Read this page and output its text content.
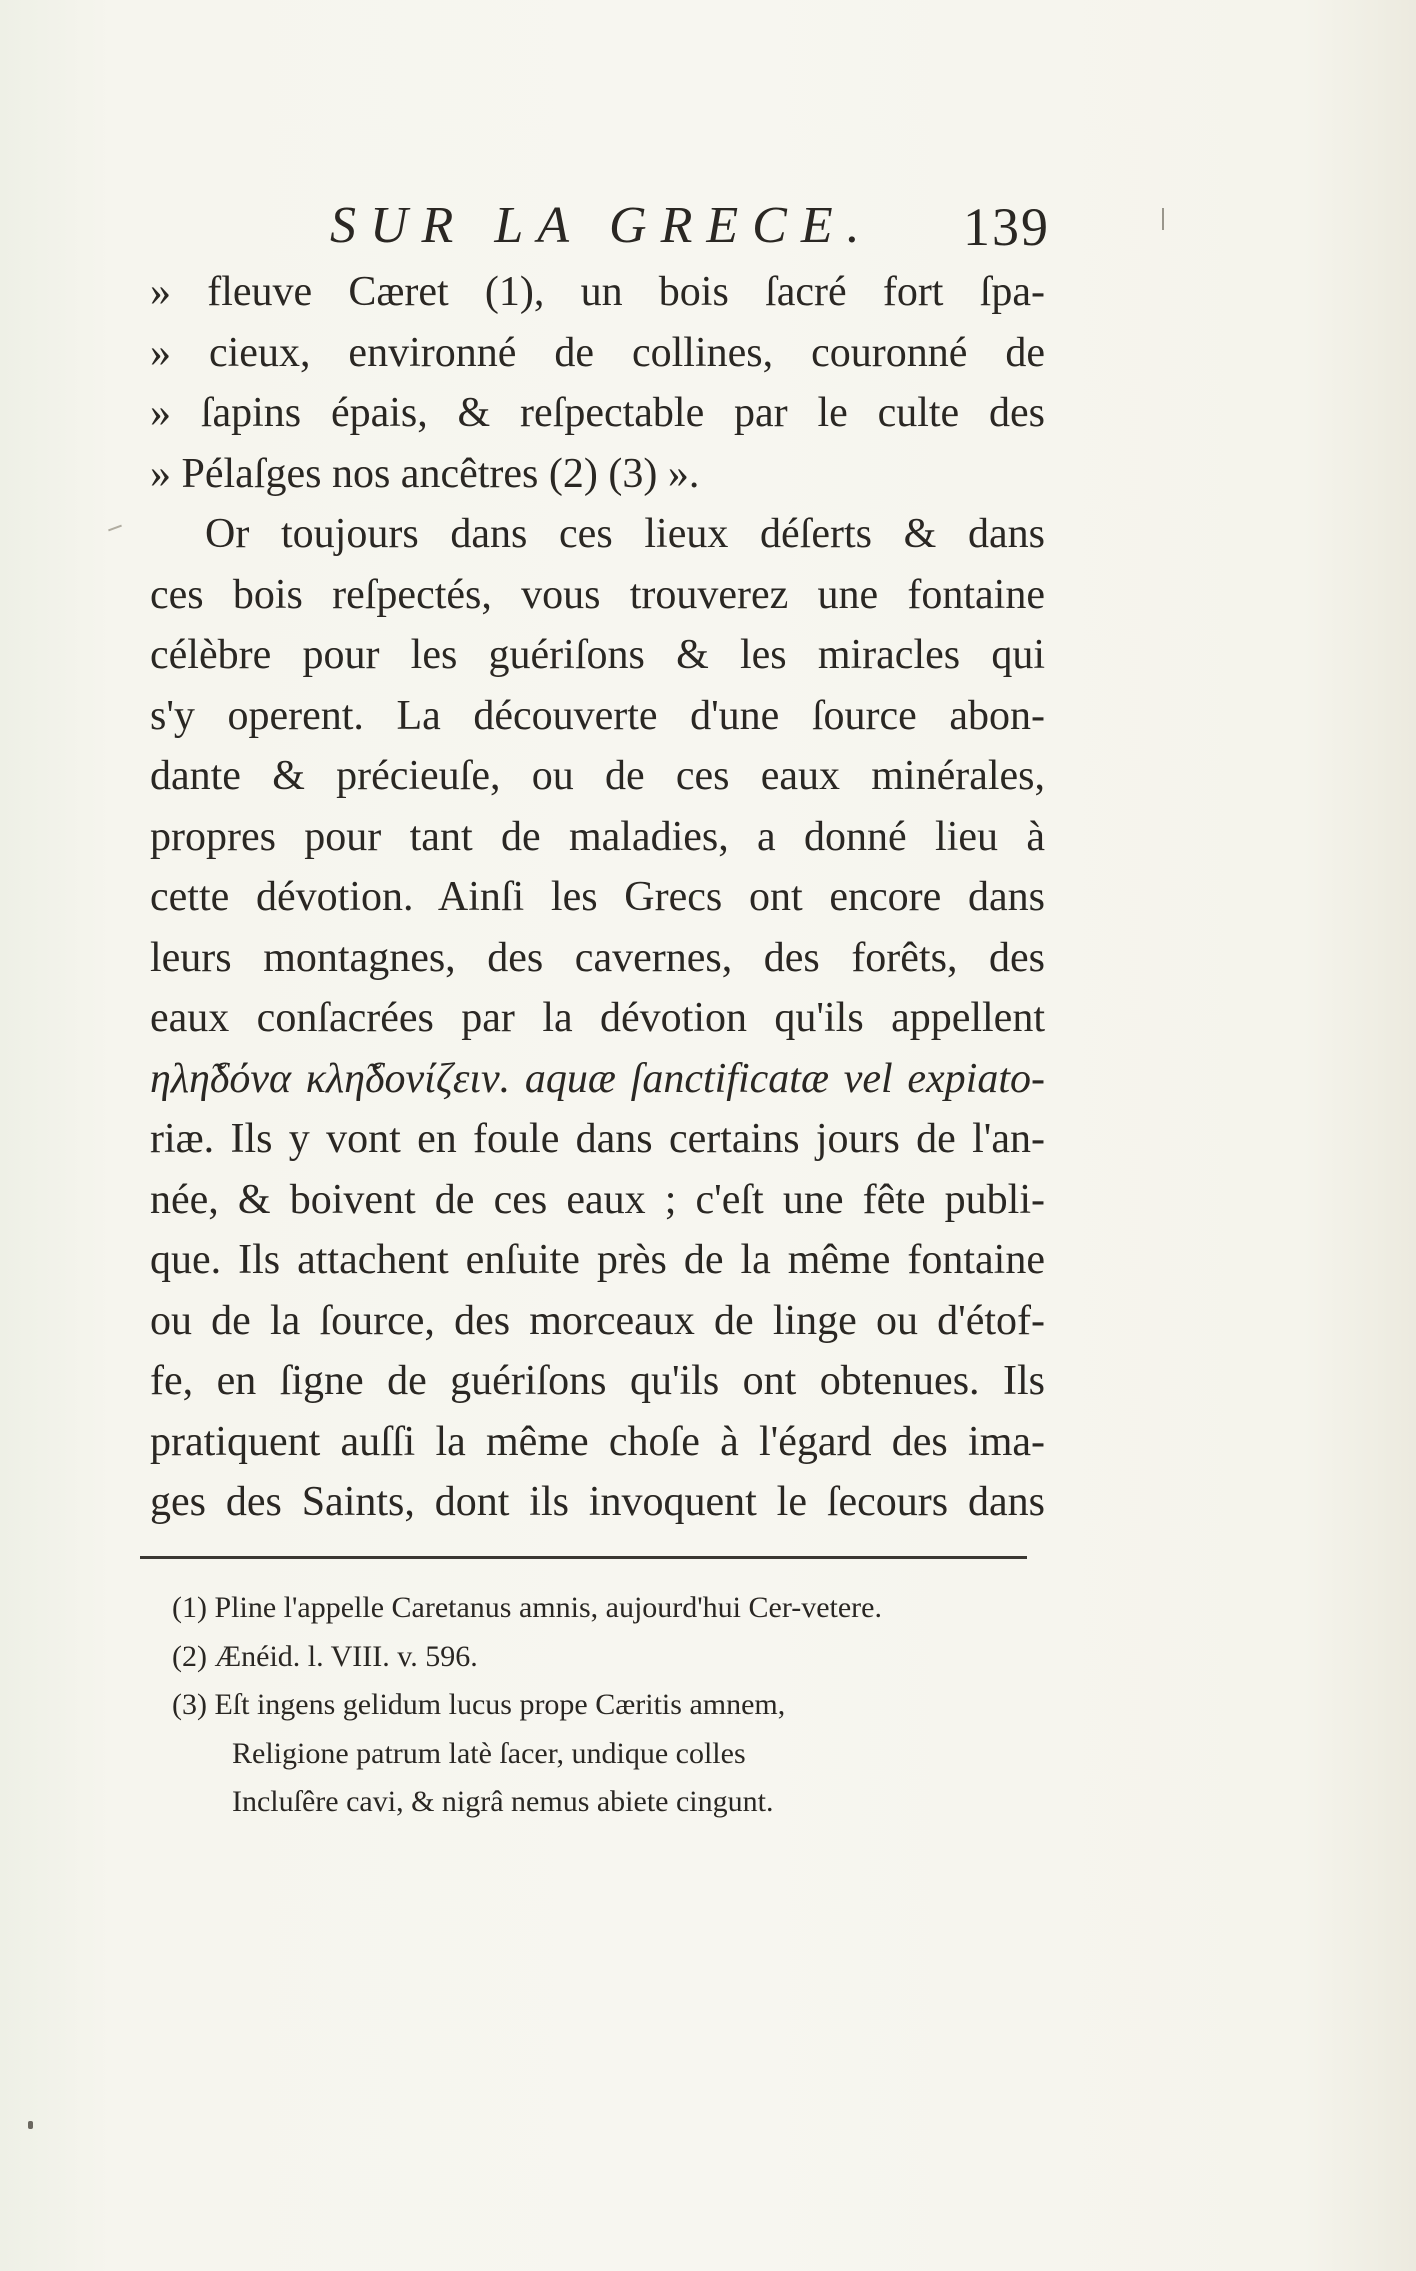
SUR LA GRECE. 139
» fleuve Cæret (1), un bois ſacré fort ſpa-
» cieux, environné de collines, couronné de
» ſapins épais, & reſpectable par le culte des
» Pélaſges nos ancêtres (2) (3) ».
Or toujours dans ces lieux déſerts & dans
ces bois reſpectés, vous trouverez une fontaine
célèbre pour les guériſons & les miracles qui
s'y operent. La découverte d'une ſource abon-
dante & précieuſe, ou de ces eaux minérales,
propres pour tant de maladies, a donné lieu à
cette dévotion. Ainſi les Grecs ont encore dans
leurs montagnes, des cavernes, des forêts, des
eaux conſacrées par la dévotion qu'ils appellent
ηλη̃δόνα κλη̃δονίζειν. aquæ ſanctificatæ vel expiato-
riæ. Ils y vont en foule dans certains jours de l'an-
née, & boivent de ces eaux ; c'eſt une fête publi-
que. Ils attachent enſuite près de la même fontaine
ou de la ſource, des morceaux de linge ou d'étof-
fe, en ſigne de guériſons qu'ils ont obtenues. Ils
pratiquent auſſi la même choſe à l'égard des ima-
ges des Saints, dont ils invoquent le ſecours dans
(1) Pline l'appelle Caretanus amnis, aujourd'hui Cer-vetere.
(2) Ænéid. l. VIII. v. 596.
(3) Eſt ingens gelidum lucus prope Cæritis amnem,
Religione patrum latè ſacer, undique colles
Incluſêre cavi, & nigrâ nemus abiete cingunt.
